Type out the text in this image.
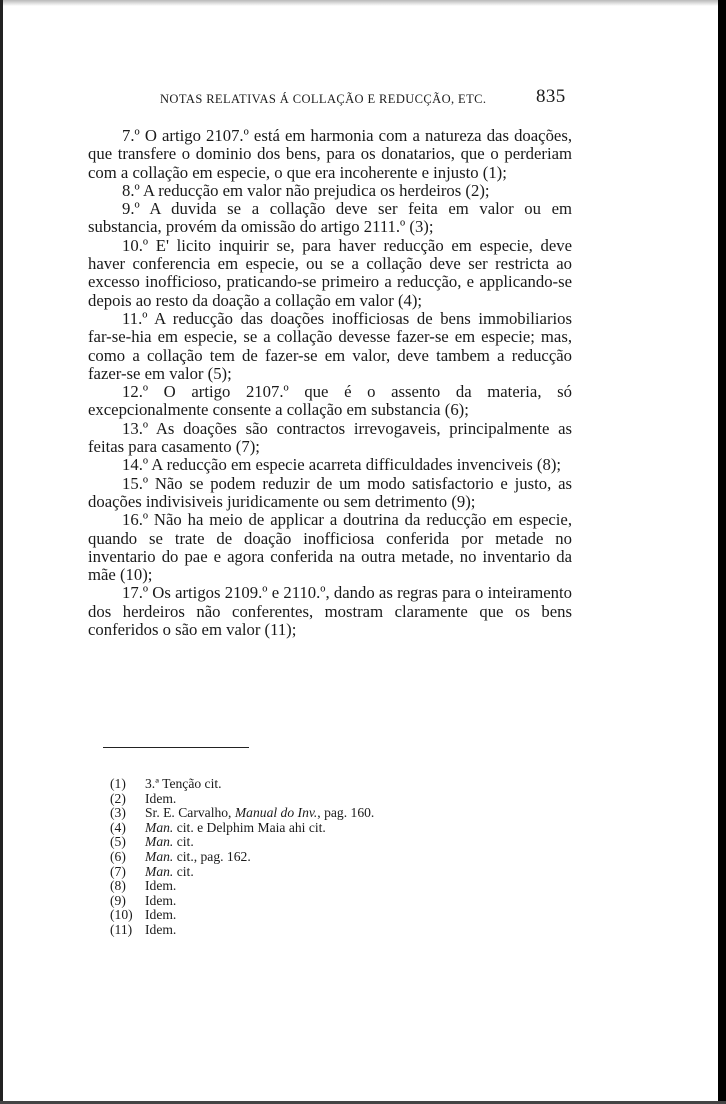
NOTAS RELATIVAS Á COLLAÇÃO E REDUCÇÃO, ETC.	835

7.º O artigo 2107.º está em harmonia com a natureza das doações, que transfere o dominio dos bens, para os donatarios, que o perderiam com a collação em especie, o que era incoherente e injusto (1);

8.º A reducção em valor não prejudica os herdeiros (2);

9.º A duvida se a collação deve ser feita em valor ou em substancia, provém da omissão do artigo 2111.º (3);

10.º E' licito inquirir se, para haver reducção em especie, deve haver conferencia em especie, ou se a collação deve ser restricta ao excesso inofficioso, praticando-se primeiro a reducção, e applicando-se depois ao resto da doação a collação em valor (4);

11.º A reducção das doações inofficiosas de bens immobiliarios far-se-hia em especie, se a collação devesse fazer-se em especie; mas, como a collação tem de fazer-se em valor, deve tambem a reducção fazer-se em valor (5);

12.º O artigo 2107.º que é o assento da materia, só excepcionalmente consente a collação em substancia (6);

13.º As doações são contractos irrevogaveis, principalmente as feitas para casamento (7);

14.º A reducção em especie acarreta difficuldades invenciveis (8);

15.º Não se podem reduzir de um modo satisfactorio e justo, as doações indivisiveis juridicamente ou sem detrimento (9);

16.º Não ha meio de applicar a doutrina da reducção em especie, quando se trate de doação inofficiosa conferida por metade no inventario do pae e agora conferida na outra metade, no inventario da mãe (10);

17.º Os artigos 2109.º e 2110.º, dando as regras para o inteiramento dos herdeiros não conferentes, mostram claramente que os bens conferidos o são em valor (11);

(1)	3.ª Tenção cit.
(2)	Idem.
(3)	Sr. E. Carvalho, Manual do Inv., pag. 160.
(4)	Man. cit. e Delphim Maia ahi cit.
(5)	Man. cit.
(6)	Man. cit., pag. 162.
(7)	Man. cit.
(8)	Idem.
(9)	Idem.
(10) Idem.
(11) Idem.
